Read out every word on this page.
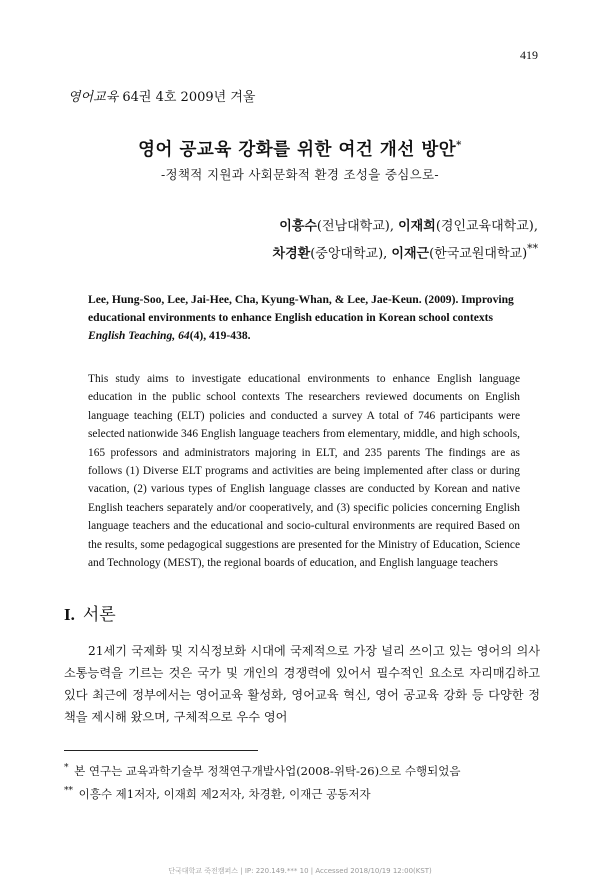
419
영어교육 64권 4호 2009년 겨울
영어 공교육 강화를 위한 여건 개선 방안*
-정책적 지원과 사회문화적 환경 조성을 중심으로-
이흥수(전남대학교), 이재희(경인교육대학교),
차경환(중앙대학교), 이재근(한국교원대학교)**
Lee, Hung-Soo, Lee, Jai-Hee, Cha, Kyung-Whan, & Lee, Jae-Keun. (2009). Improving educational environments to enhance English education in Korean school contexts English Teaching, 64(4), 419-438.
This study aims to investigate educational environments to enhance English language education in the public school contexts The researchers reviewed documents on English language teaching (ELT) policies and conducted a survey A total of 746 participants were selected nationwide 346 English language teachers from elementary, middle, and high schools, 165 professors and administrators majoring in ELT, and 235 parents The findings are as follows (1) Diverse ELT programs and activities are being implemented after class or during vacation, (2) various types of English language classes are conducted by Korean and native English teachers separately and/or cooperatively, and (3) specific policies concerning English language teachers and the educational and socio-cultural environments are required Based on the results, some pedagogical suggestions are presented for the Ministry of Education, Science and Technology (MEST), the regional boards of education, and English language teachers
I. 서론
21세기 국제화 및 지식정보화 시대에 국제적으로 가장 널리 쓰이고 있는 영어의 의사소통능력을 기르는 것은 국가 및 개인의 경쟁력에 있어서 필수적인 요소로 자리매김하고 있다 최근에 정부에서는 영어교육 활성화, 영어교육 혁신, 영어 공교육 강화 등 다양한 정책을 제시해 왔으며, 구체적으로 우수 영어
* 본 연구는 교육과학기술부 정책연구개발사업(2008-위탁-26)으로 수행되었음
** 이흥수 제1저자, 이재희 제2저자, 차경환, 이재근 공동저자
단국대학교 죽전캠퍼스 | IP: 220.149.*** 10 | Accessed 2018/10/19 12:00(KST)
